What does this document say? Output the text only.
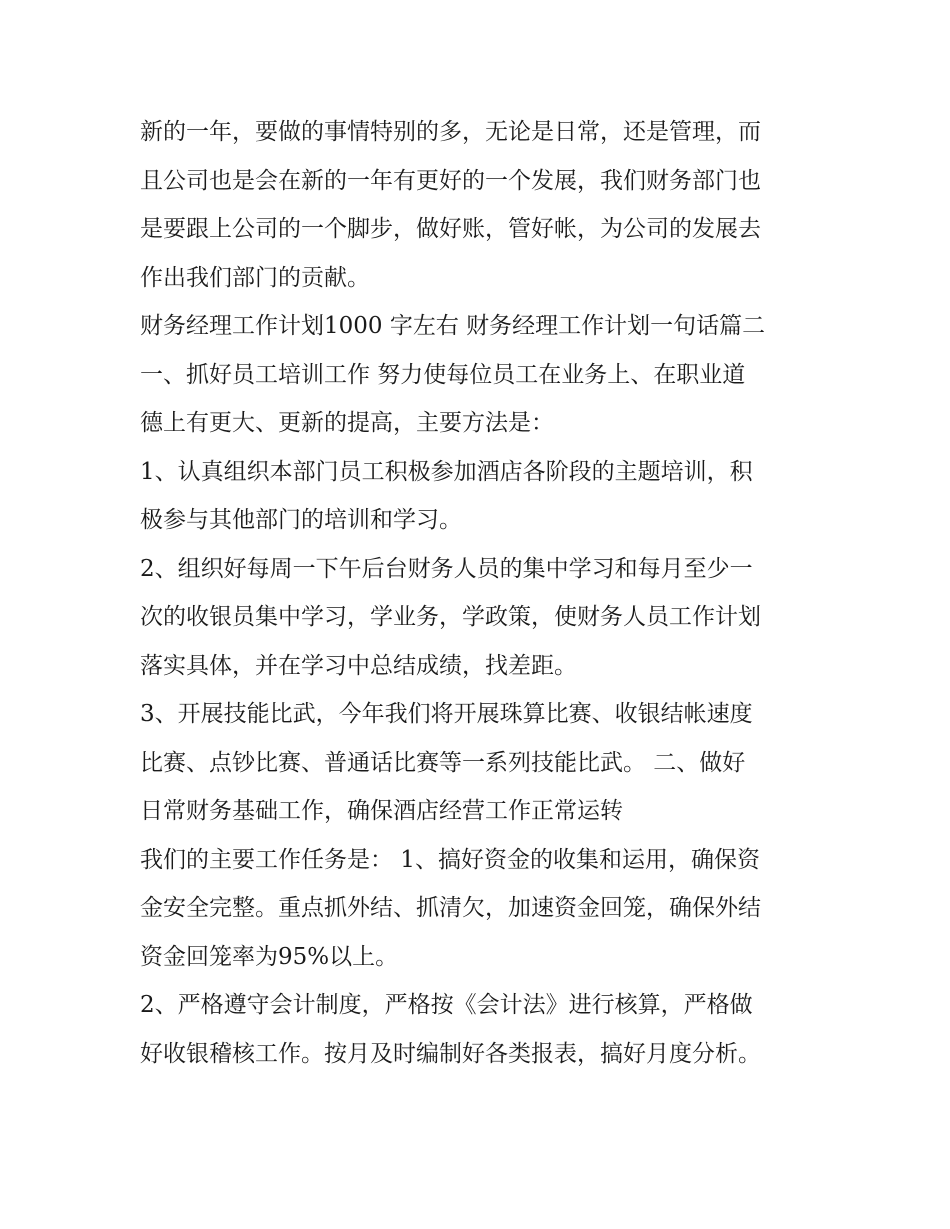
新的一年，要做的事情特别的多，无论是日常，还是管理，而
且公司也是会在新的一年有更好的一个发展，我们财务部门也
是要跟上公司的一个脚步，做好账，管好帐，为公司的发展去
作出我们部门的贡献。

财务经理工作计划1000 字左右 财务经理工作计划一句话篇二
一、抓好员工培训工作 努力使每位员工在业务上、在职业道
德上有更大、更新的提高，主要方法是：

1、认真组织本部门员工积极参加酒店各阶段的主题培训，积
极参与其他部门的培训和学习。

2、组织好每周一下午后台财务人员的集中学习和每月至少一
次的收银员集中学习，学业务，学政策，使财务人员工作计划
落实具体，并在学习中总结成绩，找差距。

3、开展技能比武，今年我们将开展珠算比赛、收银结帐速度
比赛、点钞比赛、普通话比赛等一系列技能比武。 二、做好
日常财务基础工作，确保酒店经营工作正常运转

我们的主要工作任务是： 1、搞好资金的收集和运用，确保资
金安全完整。重点抓外结、抓清欠，加速资金回笼，确保外结
资金回笼率为95%以上。

2、严格遵守会计制度，严格按《会计法》进行核算，严格做
好收银稽核工作。按月及时编制好各类报表，搞好月度分析。
